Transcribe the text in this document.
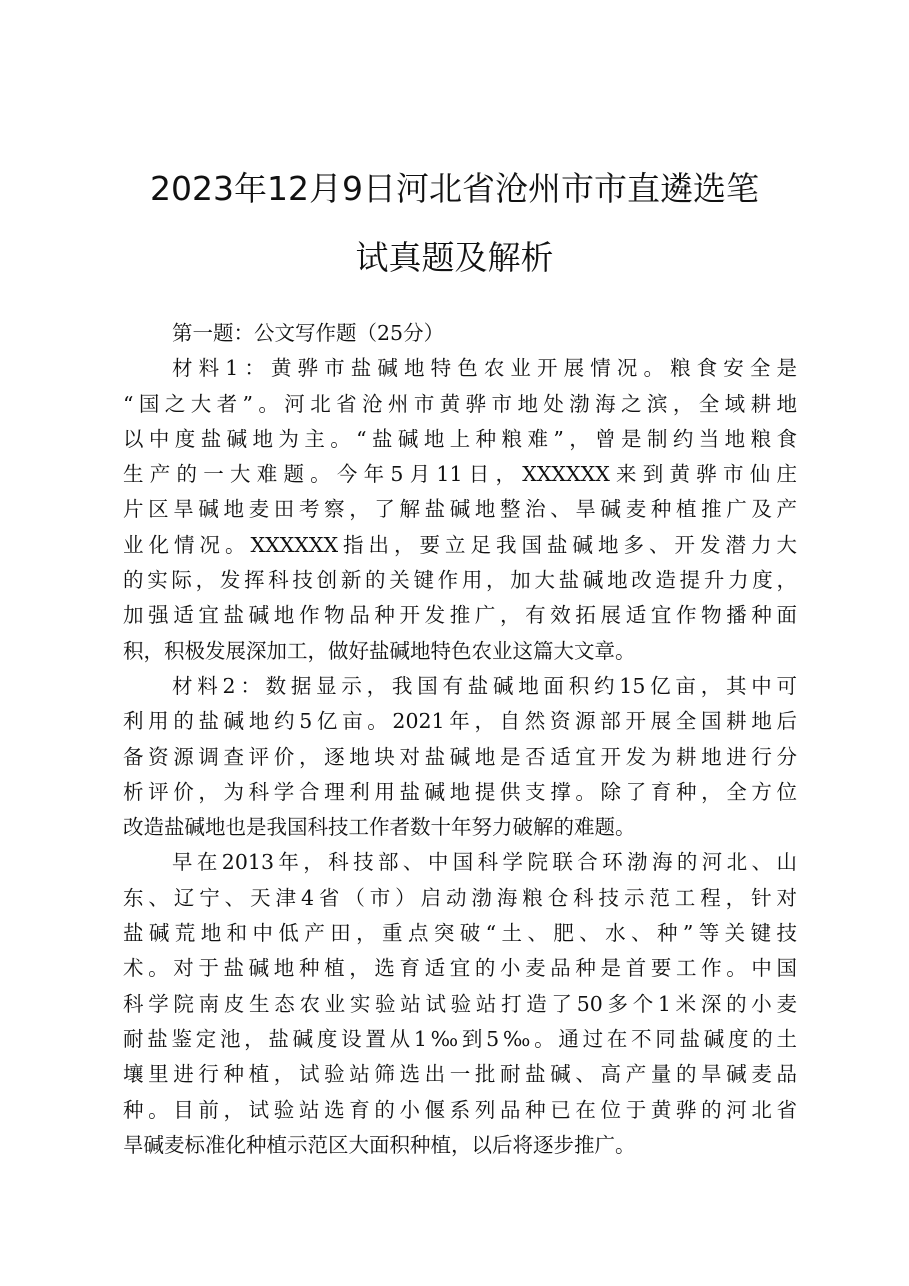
2023年12月9日河北省沧州市市直遴选笔
试真题及解析
第一题：公文写作题（25分）
材料1：黄骅市盐碱地特色农业开展情况。粮食安全是
“国之大者”。河北省沧州市黄骅市地处渤海之滨，全域耕地
以中度盐碱地为主。“盐碱地上种粮难”，曾是制约当地粮食
生产的一大难题。今年5月11日，XXXXXX来到黄骅市仙庄
片区旱碱地麦田考察，了解盐碱地整治、旱碱麦种植推广及产
业化情况。XXXXXX指出，要立足我国盐碱地多、开发潜力大
的实际，发挥科技创新的关键作用，加大盐碱地改造提升力度，
加强适宜盐碱地作物品种开发推广，有效拓展适宜作物播种面
积，积极发展深加工，做好盐碱地特色农业这篇大文章。
材料2：数据显示，我国有盐碱地面积约15亿亩，其中可
利用的盐碱地约5亿亩。2021年，自然资源部开展全国耕地后
备资源调查评价，逐地块对盐碱地是否适宜开发为耕地进行分
析评价，为科学合理利用盐碱地提供支撑。除了育种，全方位
改造盐碱地也是我国科技工作者数十年努力破解的难题。
早在2013年，科技部、中国科学院联合环渤海的河北、山
东、辽宁、天津4省（市）启动渤海粮仓科技示范工程，针对
盐碱荒地和中低产田，重点突破“土、肥、水、种”等关键技
术。对于盐碱地种植，选育适宜的小麦品种是首要工作。中国
科学院南皮生态农业实验站试验站打造了50多个1米深的小麦
耐盐鉴定池，盐碱度设置从1‰到5‰。通过在不同盐碱度的土
壤里进行种植，试验站筛选出一批耐盐碱、高产量的旱碱麦品
种。目前，试验站选育的小偃系列品种已在位于黄骅的河北省
旱碱麦标准化种植示范区大面积种植，以后将逐步推广。
